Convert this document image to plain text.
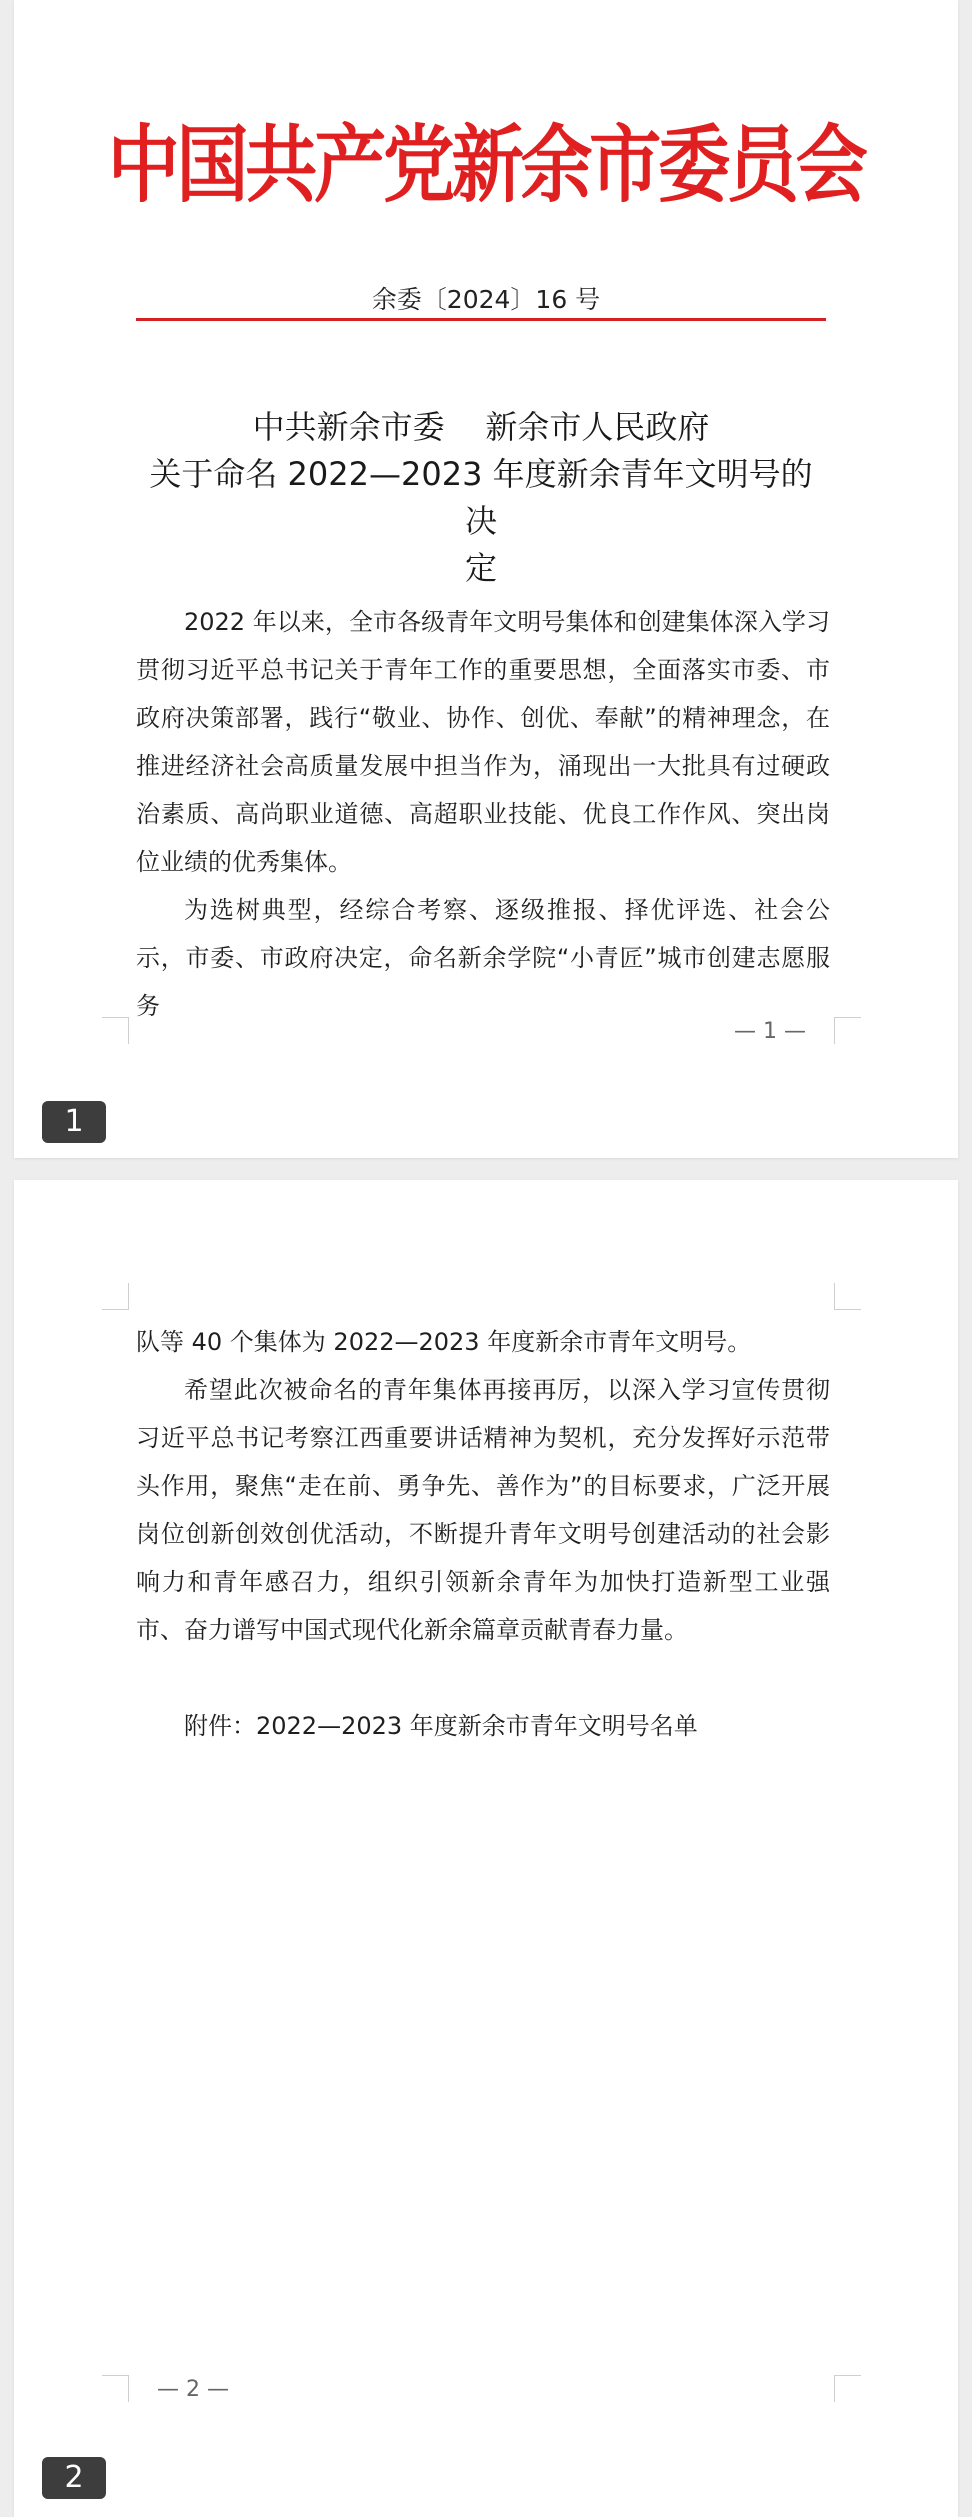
中国共产党新余市委员会
余委〔2024〕16 号
中共新余市委    新余市人民政府
关于命名 2022—2023 年度新余青年文明号的决
定

2022 年以来，全市各级青年文明号集体和创建集体深入学习贯彻习近平总书记关于青年工作的重要思想，全面落实市委、市政府决策部署，践行“敬业、协作、创优、奉献”的精神理念，在推进经济社会高质量发展中担当作为，涌现出一大批具有过硬政治素质、高尚职业道德、高超职业技能、优良工作作风、突出岗位业绩的优秀集体。

为选树典型，经综合考察、逐级推报、择优评选、社会公示，市委、市政府决定，命名新余学院“小青匠”城市创建志愿服务

— 1 —
1

队等 40 个集体为 2022—2023 年度新余市青年文明号。

希望此次被命名的青年集体再接再厉，以深入学习宣传贯彻习近平总书记考察江西重要讲话精神为契机，充分发挥好示范带头作用，聚焦“走在前、勇争先、善作为”的目标要求，广泛开展岗位创新创效创优活动，不断提升青年文明号创建活动的社会影响力和青年感召力，组织引领新余青年为加快打造新型工业强市、奋力谱写中国式现代化新余篇章贡献青春力量。

附件：2022—2023 年度新余市青年文明号名单

— 2 —
2
